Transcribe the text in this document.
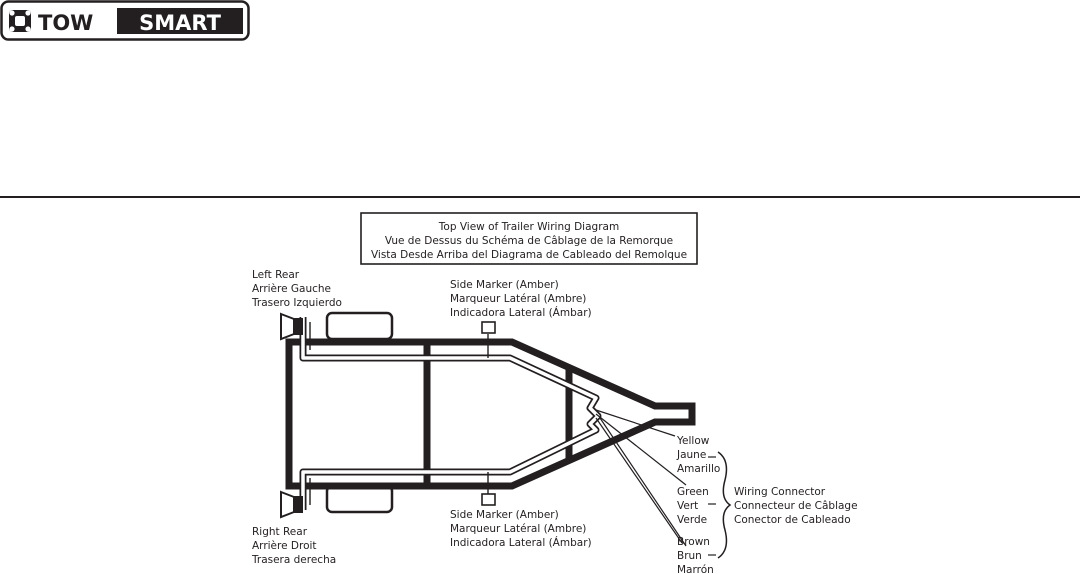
TOW SMART
Top View of Trailer Wiring Diagram
Vue de Dessus du Schéma de Câblage de la Remorque
Vista Desde Arriba del Diagrama de Cableado del Remolque
Left Rear
Arrière Gauche
Trasero Izquierdo
Right Rear
Arrière Droit
Trasera derecha
Side Marker (Amber)
Marqueur Latéral (Ambre)
Indicadora Lateral (Ámbar)
Side Marker (Amber)
Marqueur Latéral (Ambre)
Indicadora Lateral (Ámbar)
Yellow
Jaune
Amarillo
Green
Vert
Verde
Brown
Brun
Marrón
Wiring Connector
Connecteur de Câblage
Conector de Cableado
